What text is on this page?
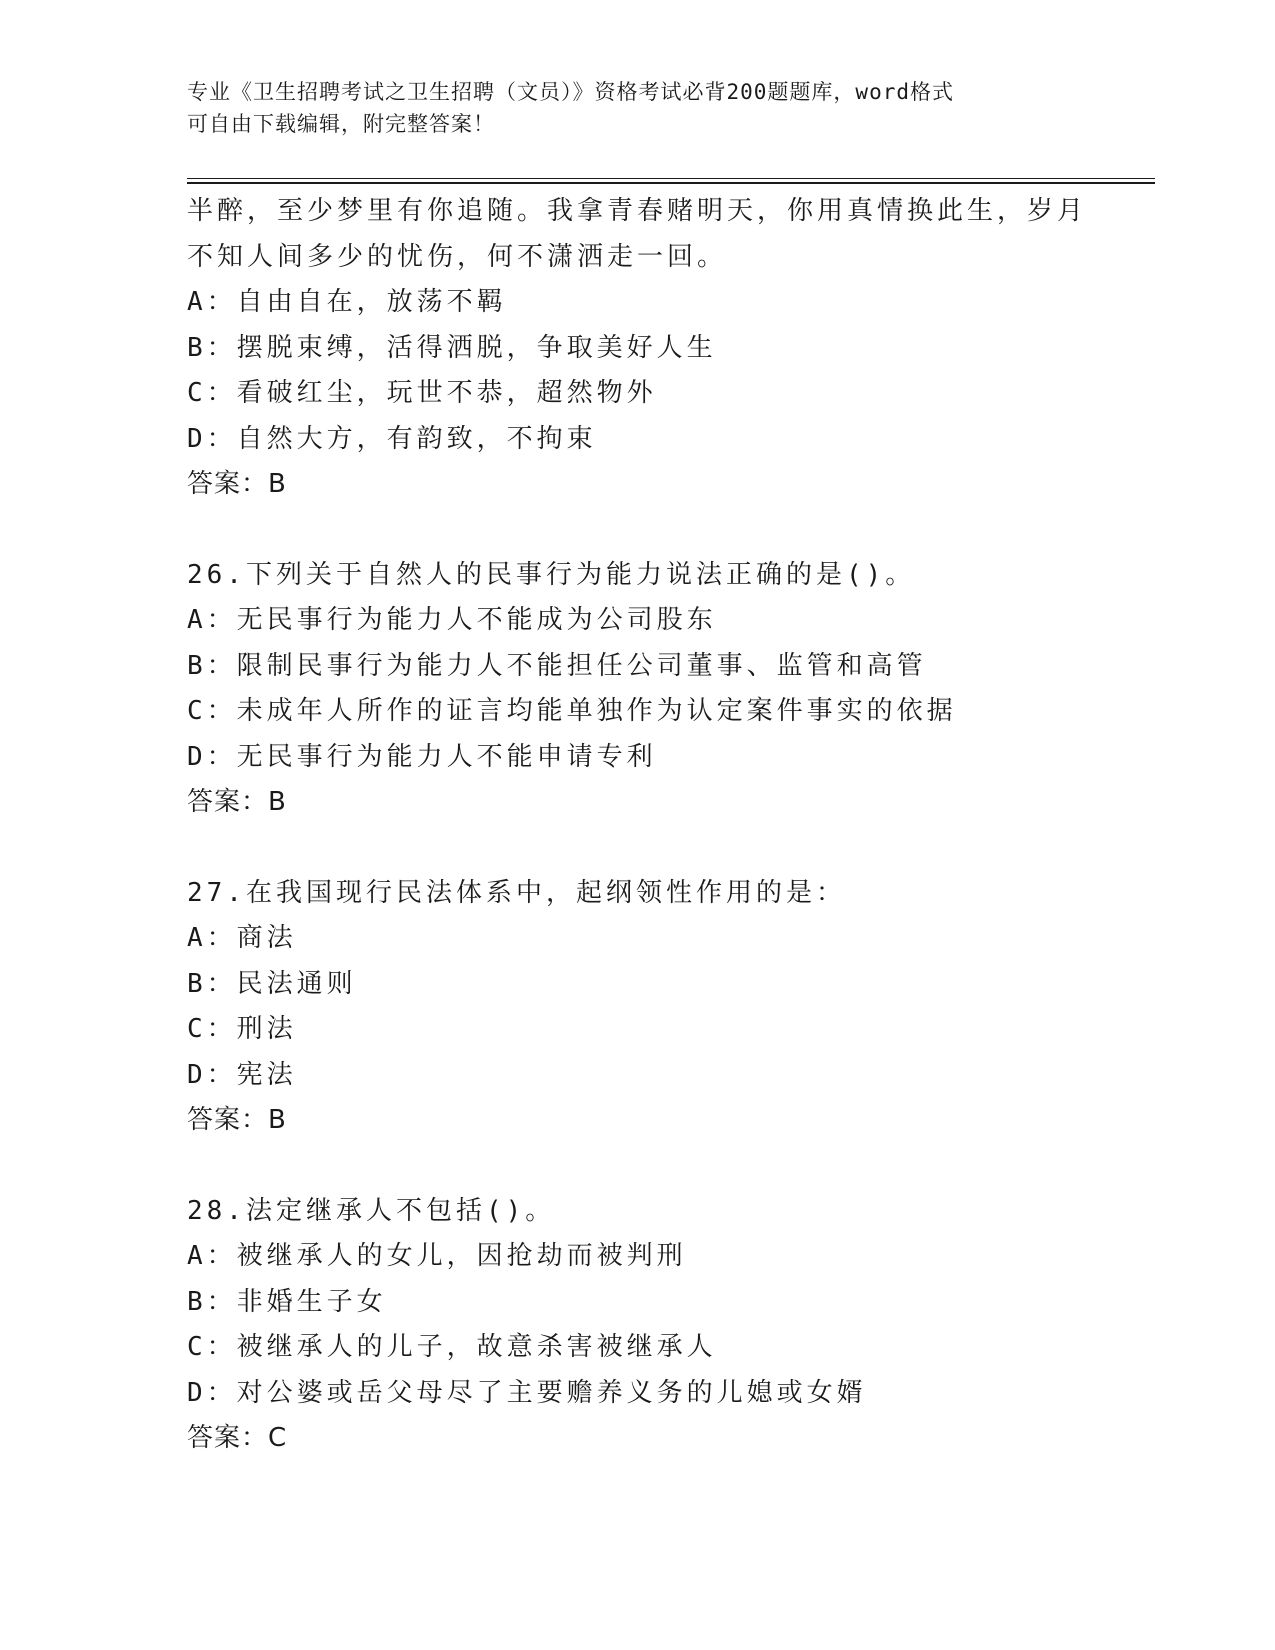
专业《卫生招聘考试之卫生招聘（文员）》资格考试必背200题题库，word格式
可自由下载编辑，附完整答案！
半醉，至少梦里有你追随。我拿青春赌明天，你用真情换此生，岁月
不知人间多少的忧伤，何不潇洒走一回。
A：自由自在，放荡不羁
B：摆脱束缚，活得洒脱，争取美好人生
C：看破红尘，玩世不恭，超然物外
D：自然大方，有韵致，不拘束
答案：B
26.下列关于自然人的民事行为能力说法正确的是()。
A：无民事行为能力人不能成为公司股东
B：限制民事行为能力人不能担任公司董事、监管和高管
C：未成年人所作的证言均能单独作为认定案件事实的依据
D：无民事行为能力人不能申请专利
答案：B
27.在我国现行民法体系中，起纲领性作用的是：
A：商法
B：民法通则
C：刑法
D：宪法
答案：B
28.法定继承人不包括()。
A：被继承人的女儿，因抢劫而被判刑
B：非婚生子女
C：被继承人的儿子，故意杀害被继承人
D：对公婆或岳父母尽了主要赡养义务的儿媳或女婿
答案：C
